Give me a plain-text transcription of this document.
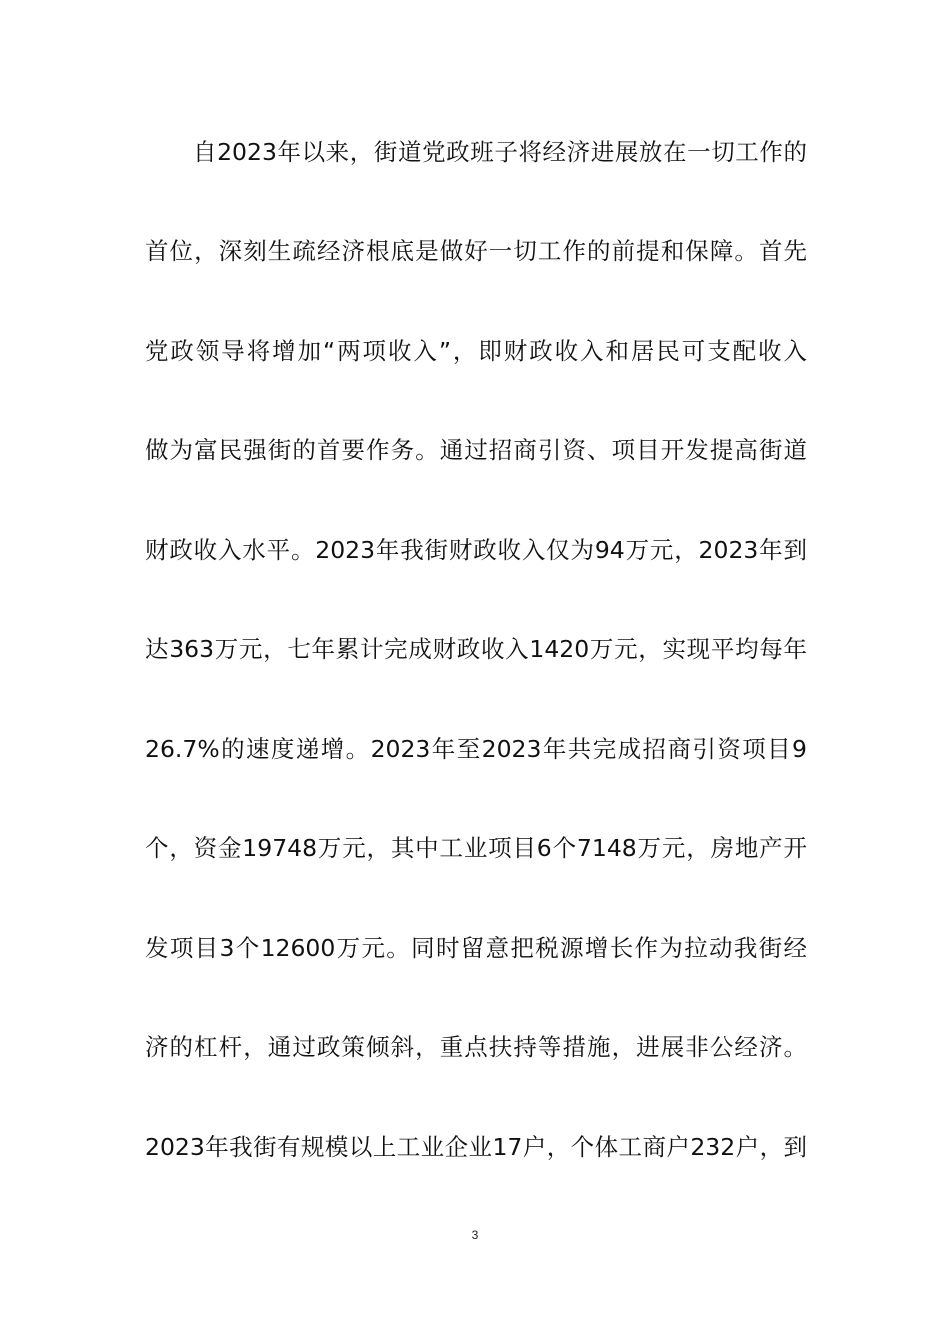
自2023年以来，街道党政班子将经济进展放在一切工作的
首位，深刻生疏经济根底是做好一切工作的前提和保障。首先
党政领导将增加“两项收入”，即财政收入和居民可支配收入
做为富民强街的首要作务。通过招商引资、项目开发提高街道
财政收入水平。2023年我街财政收入仅为94万元，2023年到
达363万元，七年累计完成财政收入1420万元，实现平均每年
26.7%的速度递增。2023年至2023年共完成招商引资项目9
个，资金19748万元，其中工业项目6个7148万元，房地产开
发项目3个12600万元。同时留意把税源增长作为拉动我街经
济的杠杆，通过政策倾斜，重点扶持等措施，进展非公经济。
2023年我街有规模以上工业企业17户，个体工商户232户，到
3
